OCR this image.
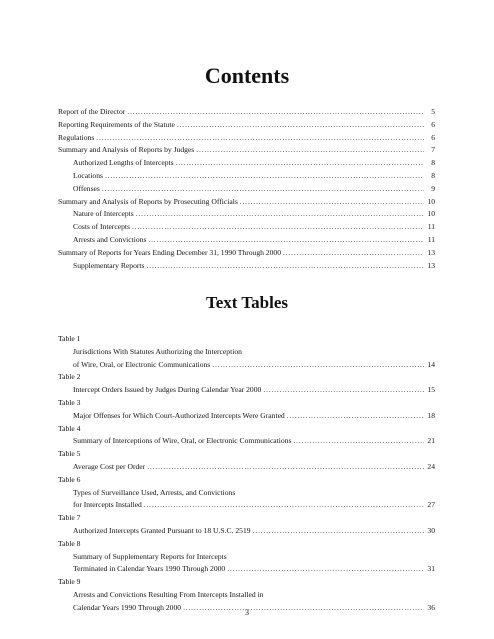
Contents
Report of the Director .....	5
Reporting Requirements of the Statute .....	6
Regulations .....	6
Summary and Analysis of Reports by Judges .....	7
Authorized Lengths of Intercepts .....	8
Locations .....	8
Offenses .....	9
Summary and Analysis of Reports by Prosecuting Officials .....	10
Nature of Intercepts .....	10
Costs of Intercepts .....	11
Arrests and Convictions .....	11
Summary of Reports for Years Ending December 31, 1990 Through 2000 .....	13
Supplementary Reports .....	13
Text Tables
Table 1
Jurisdictions With Statutes Authorizing the Interception
of Wire, Oral, or Electronic Communications .....	14
Table 2
Intercept Orders Issued by Judges During Calendar Year 2000 .....	15
Table 3
Major Offenses for Which Court-Authorized Intercepts Were Granted .....	18
Table 4
Summary of Interceptions of Wire, Oral, or Electronic Communications .....	21
Table 5
Average Cost per Order .....	24
Table 6
Types of Surveillance Used, Arrests, and Convictions
for Intercepts Installed .....	27
Table 7
Authorized Intercepts Granted Pursuant to 18 U.S.C. 2519 .....	30
Table 8
Summary of Supplementary Reports for Intercepts
Terminated in Calendar Years 1990 Through 2000 .....	31
Table 9
Arrests and Convictions Resulting From Intercepts Installed in
Calendar Years 1990 Through 2000 .....	36
3
